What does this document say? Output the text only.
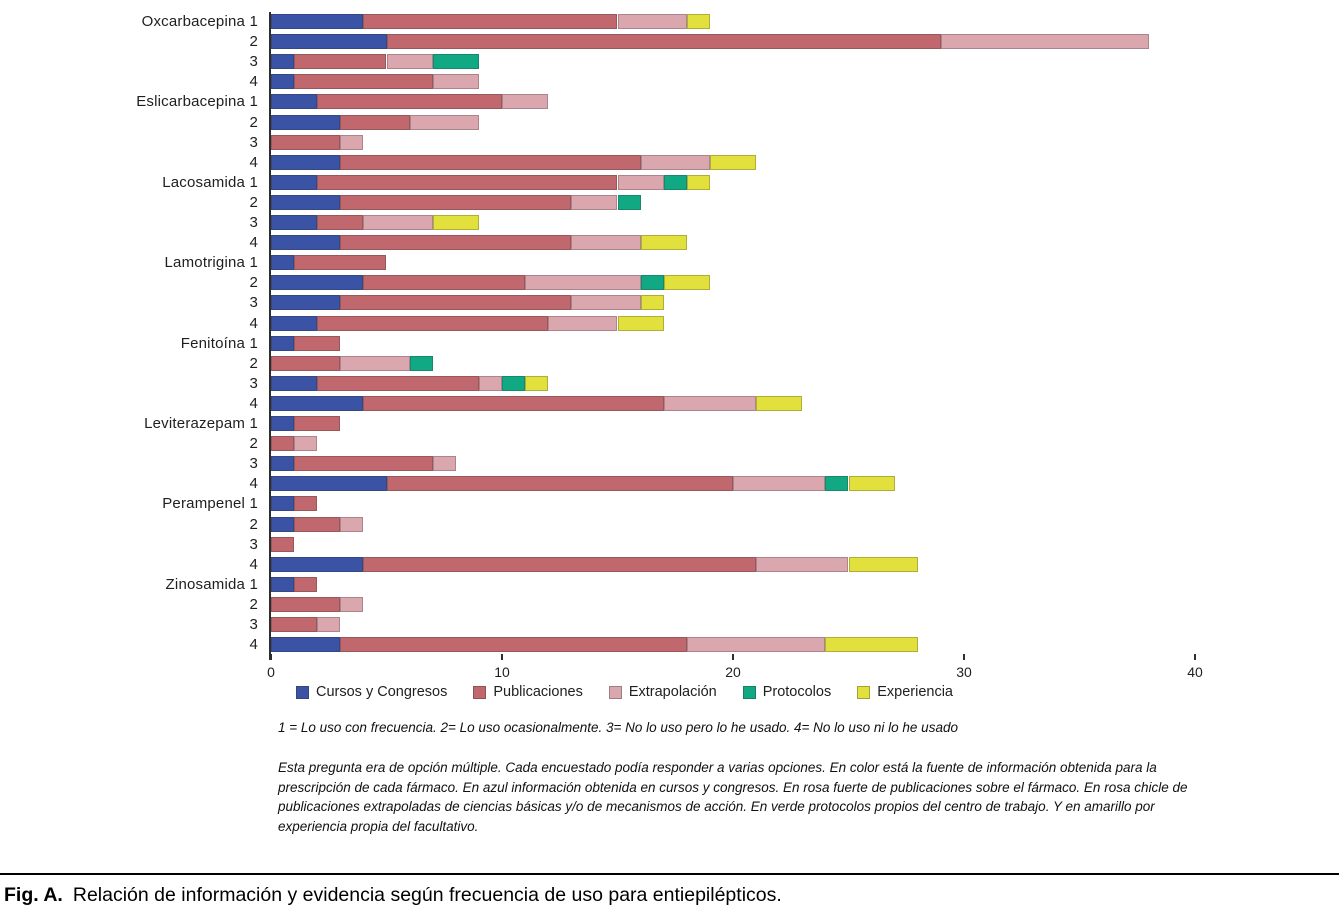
Oxcarbacepina 1
2
3
4
Eslicarbacepina 1
2
3
4
Lacosamida 1
2
3
4
Lamotrigina 1
2
3
4
Fenitoína 1
2
3
4
Leviterazepam 1
2
3
4
Perampenel 1
2
3
4
Zinosamida 1
2
3
4
0	10	20	30	40
Cursos y Congresos	Publicaciones	Extrapolación	Protocolos	Experiencia
1 = Lo uso con frecuencia. 2= Lo uso ocasionalmente. 3= No lo uso pero lo he usado. 4= No lo uso ni lo he usado
Esta pregunta era de opción múltiple. Cada encuestado podía responder a varias opciones. En color está la fuente de información obtenida para la prescripción de cada fármaco. En azul información obtenida en cursos y congresos. En rosa fuerte de publicaciones sobre el fármaco. En rosa chicle de publicaciones extrapoladas de ciencias básicas y/o de mecanismos de acción. En verde protocolos propios del centro de trabajo. Y en amarillo por experiencia propia del facultativo.
Fig. A. Relación de información y evidencia según frecuencia de uso para entiepilépticos.
